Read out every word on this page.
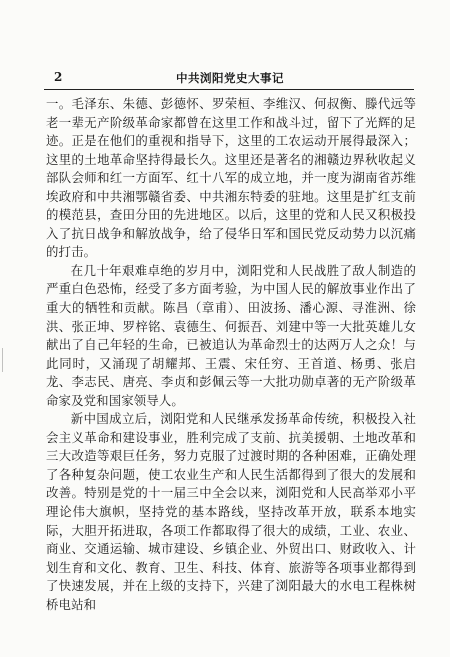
2	中共浏阳党史大事记

一。毛泽东、朱德、彭德怀、罗荣桓、李维汉、何叔衡、滕代远等老一辈无产阶级革命家都曾在这里工作和战斗过，留下了光辉的足迹。正是在他们的重视和指导下，这里的工农运动开展得最深入；这里的土地革命坚持得最长久。这里还是著名的湘赣边界秋收起义部队会师和红一方面军、红十八军的成立地，并一度为湖南省苏维埃政府和中共湘鄂赣省委、中共湘东特委的驻地。这里是扩红支前的模范县，查田分田的先进地区。以后，这里的党和人民又积极投入了抗日战争和解放战争，给了侵华日军和国民党反动势力以沉痛的打击。

在几十年艰难卓绝的岁月中，浏阳党和人民战胜了敌人制造的严重白色恐怖，经受了多方面考验，为中国人民的解放事业作出了重大的牺牲和贡献。陈昌（章甫）、田波扬、潘心源、寻淮洲、徐洪、张正坤、罗梓铭、袁德生、何振吾、刘建中等一大批英雄儿女献出了自己年轻的生命，已被追认为革命烈士的达两万人之众！与此同时，又涌现了胡耀邦、王震、宋任穷、王首道、杨勇、张启龙、李志民、唐亮、李贞和彭佩云等一大批功勋卓著的无产阶级革命家及党和国家领导人。

新中国成立后，浏阳党和人民继承发扬革命传统，积极投入社会主义革命和建设事业，胜利完成了支前、抗美援朝、土地改革和三大改造等艰巨任务，努力克服了过渡时期的各种困难，正确处理了各种复杂问题，使工农业生产和人民生活都得到了很大的发展和改善。特别是党的十一届三中全会以来，浏阳党和人民高举邓小平理论伟大旗帜，坚持党的基本路线，坚持改革开放，联系本地实际，大胆开拓进取，各项工作都取得了很大的成绩，工业、农业、商业、交通运输、城市建设、乡镇企业、外贸出口、财政收入、计划生育和文化、教育、卫生、科技、体育、旅游等各项事业都得到了快速发展，并在上级的支持下，兴建了浏阳最大的水电工程株树桥电站和
